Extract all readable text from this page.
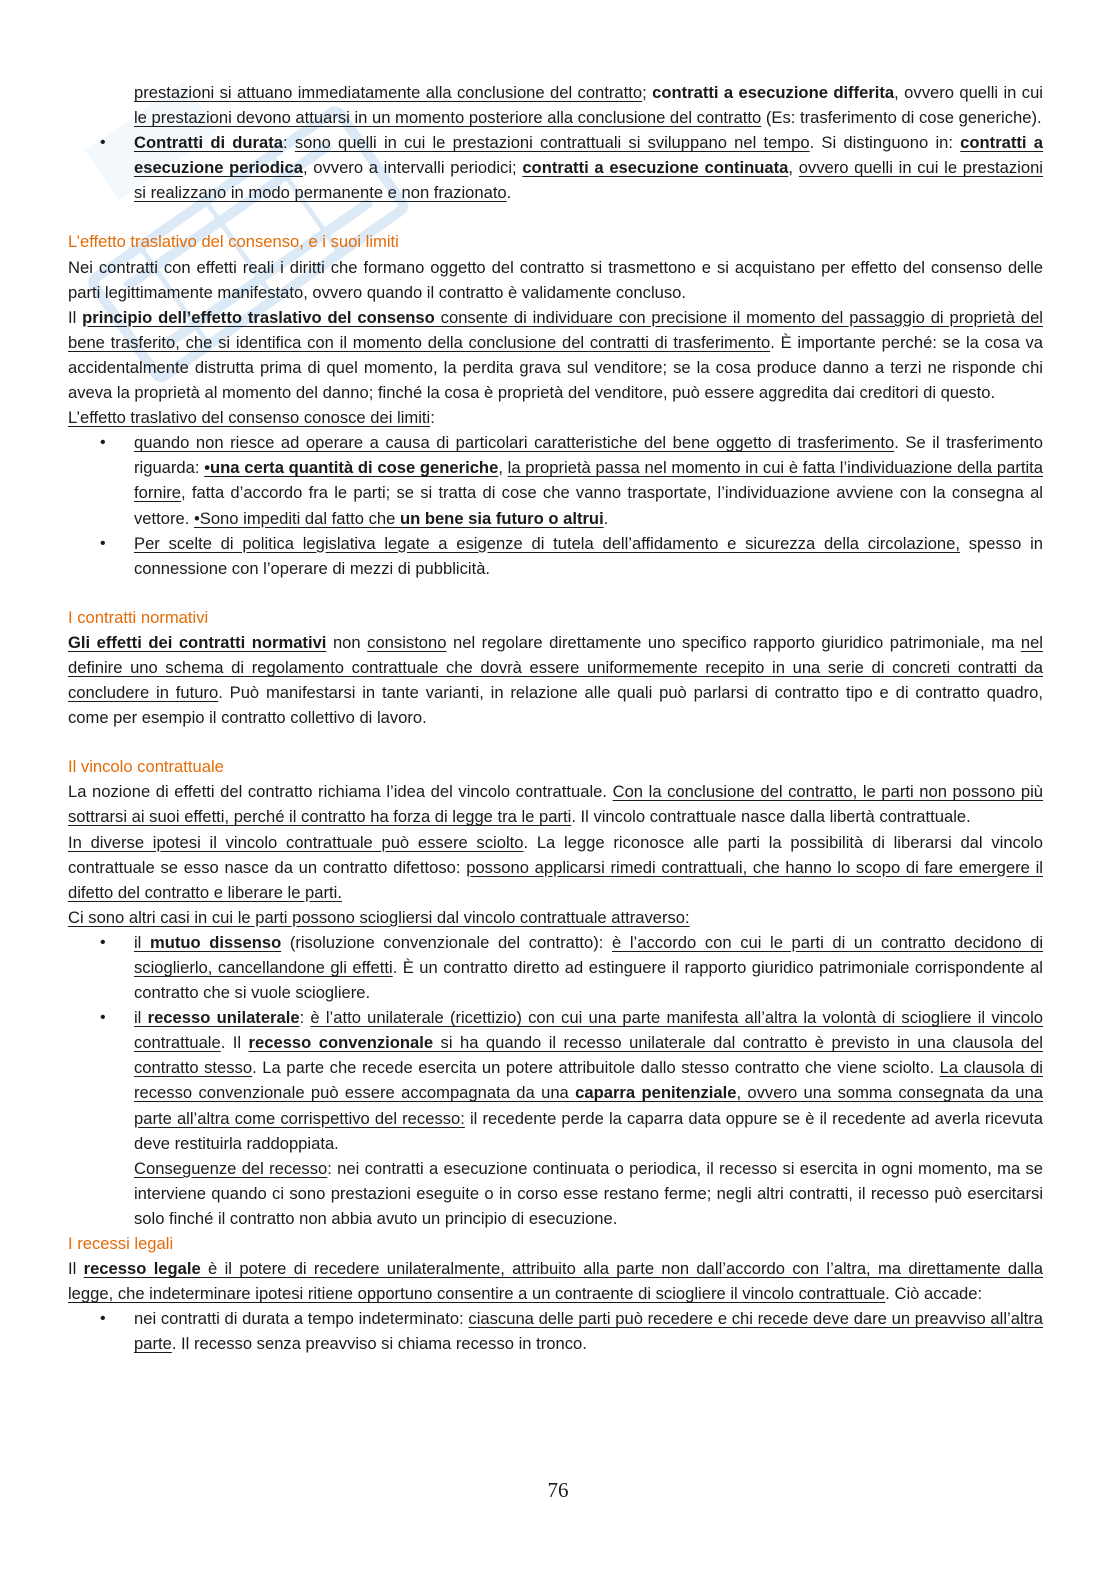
prestazioni si attuano immediatamente alla conclusione del contratto; contratti a esecuzione differita, ovvero quelli in cui le prestazioni devono attuarsi in un momento posteriore alla conclusione del contratto (Es: trasferimento di cose generiche).

• Contratti di durata: sono quelli in cui le prestazioni contrattuali si sviluppano nel tempo. Si distinguono in: contratti a esecuzione periodica, ovvero a intervalli periodici; contratti a esecuzione continuata, ovvero quelli in cui le prestazioni si realizzano in modo permanente e non frazionato.
L’effetto traslativo del consenso, e i suoi limiti

Nei contratti con effetti reali i diritti che formano oggetto del contratto si trasmettono e si acquistano per effetto del consenso delle parti legittimamente manifestato, ovvero quando il contratto è validamente concluso.

Il principio dell’effetto traslativo del consenso consente di individuare con precisione il momento del passaggio di proprietà del bene trasferito, che si identifica con il momento della conclusione del contratti di trasferimento. È importante perché: se la cosa va accidentalmente distrutta prima di quel momento, la perdita grava sul venditore; se la cosa produce danno a terzi ne risponde chi aveva la proprietà al momento del danno; finché la cosa è proprietà del venditore, può essere aggredita dai creditori di questo.

L’effetto traslativo del consenso conosce dei limiti:

• quando non riesce ad operare a causa di particolari caratteristiche del bene oggetto di trasferimento. Se il trasferimento riguarda: •una certa quantità di cose generiche, la proprietà passa nel momento in cui è fatta l’individuazione della partita fornire, fatta d’accordo fra le parti; se si tratta di cose che vanno trasportate, l’individuazione avviene con la consegna al vettore. •Sono impediti dal fatto che un bene sia futuro o altrui.
• Per scelte di politica legislativa legate a esigenze di tutela dell’affidamento e sicurezza della circolazione, spesso in connessione con l’operare di mezzi di pubblicità.
I contratti normativi

Gli effetti dei contratti normativi non consistono nel regolare direttamente uno specifico rapporto giuridico patrimoniale, ma nel definire uno schema di regolamento contrattuale che dovrà essere uniformemente recepito in una serie di concreti contratti da concludere in futuro. Può manifestarsi in tante varianti, in relazione alle quali può parlarsi di contratto tipo e di contratto quadro, come per esempio il contratto collettivo di lavoro.

Il vincolo contrattuale

La nozione di effetti del contratto richiama l’idea del vincolo contrattuale. Con la conclusione del contratto, le parti non possono più sottrarsi ai suoi effetti, perché il contratto ha forza di legge tra le parti. Il vincolo contrattuale nasce dalla libertà contrattuale.

In diverse ipotesi il vincolo contrattuale può essere sciolto. La legge riconosce alle parti la possibilità di liberarsi dal vincolo contrattuale se esso nasce da un contratto difettoso: possono applicarsi rimedi contrattuali, che hanno lo scopo di fare emergere il difetto del contratto e liberare le parti.

Ci sono altri casi in cui le parti possono sciogliersi dal vincolo contrattuale attraverso:

• il mutuo dissenso (risoluzione convenzionale del contratto): è l’accordo con cui le parti di un contratto decidono di scioglierlo, cancellandone gli effetti. È un contratto diretto ad estinguere il rapporto giuridico patrimoniale corrispondente al contratto che si vuole sciogliere.
• il recesso unilaterale: è l’atto unilaterale (ricettizio) con cui una parte manifesta all’altra la volontà di sciogliere il vincolo contrattuale. Il recesso convenzionale si ha quando il recesso unilaterale dal contratto è previsto in una clausola del contratto stesso. La parte che recede esercita un potere attribuitole dallo stesso contratto che viene sciolto. La clausola di recesso convenzionale può essere accompagnata da una caparra penitenziale, ovvero una somma consegnata da una parte all’altra come corrispettivo del recesso: il recedente perde la caparra data oppure se è il recedente ad averla ricevuta deve restituirla raddoppiata.

Conseguenze del recesso: nei contratti a esecuzione continuata o periodica, il recesso si esercita in ogni momento, ma se interviene quando ci sono prestazioni eseguite o in corso esse restano ferme; negli altri contratti, il recesso può esercitarsi solo finché il contratto non abbia avuto un principio di esecuzione.

I recessi legali

Il recesso legale è il potere di recedere unilateralmente, attribuito alla parte non dall’accordo con l’altra, ma direttamente dalla legge, che indeterminare ipotesi ritiene opportuno consentire a un contraente di sciogliere il vincolo contrattuale. Ciò accade:

• nei contratti di durata a tempo indeterminato: ciascuna delle parti può recedere e chi recede deve dare un preavviso all’altra parte. Il recesso senza preavviso si chiama recesso in tronco.
76
